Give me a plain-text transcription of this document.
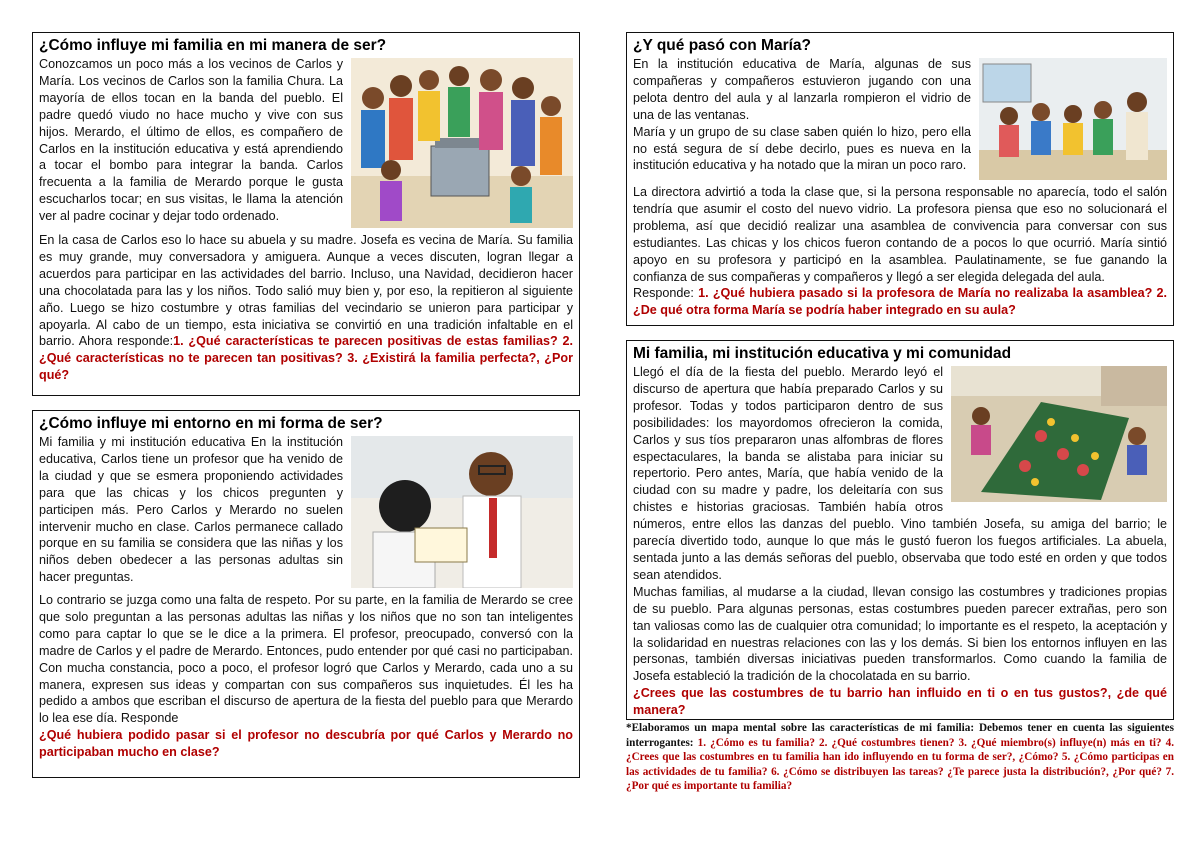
¿Cómo influye mi familia en mi manera de ser?

Conozcamos un poco más a los vecinos de Carlos y María. Los vecinos de Carlos son la familia Chura. La mayoría de ellos tocan en la banda del pueblo. El padre quedó viudo no hace mucho y vive con sus hijos. Merardo, el último de ellos, es compañero de Carlos en la institución educativa y está aprendiendo a tocar el bombo para integrar la banda. Carlos frecuenta a la familia de Merardo porque le gusta escucharlos tocar; en sus visitas, le llama la atención ver al padre cocinar y dejar todo ordenado.

En la casa de Carlos eso lo hace su abuela y su madre. Josefa es vecina de María. Su familia es muy grande, muy conversadora y amiguera. Aunque a veces discuten, logran llegar a acuerdos para participar en las actividades del barrio. Incluso, una Navidad, decidieron hacer una chocolatada para las y los niños. Todo salió muy bien y, por eso, la repitieron al siguiente año. Luego se hizo costumbre y otras familias del vecindario se unieron para participar y apoyarla. Al cabo de un tiempo, esta iniciativa se convirtió en una tradición infaltable en el barrio. Ahora responde:1. ¿Qué características te parecen positivas de estas familias? 2. ¿Qué características no te parecen tan positivas? 3. ¿Existirá la familia perfecta?, ¿Por qué?

¿Cómo influye mi entorno en mi forma de ser?

Mi familia y mi institución educativa En la institución educativa, Carlos tiene un profesor que ha venido de la ciudad y que se esmera proponiendo actividades para que las chicas y los chicos pregunten y participen más. Pero Carlos y Merardo no suelen intervenir mucho en clase. Carlos permanece callado porque en su familia se considera que las niñas y los niños deben obedecer a las personas adultas sin hacer preguntas.

Lo contrario se juzga como una falta de respeto. Por su parte, en la familia de Merardo se cree que solo preguntan a las personas adultas las niñas y los niños que no son tan inteligentes como para captar lo que se le dice a la primera. El profesor, preocupado, conversó con la madre de Carlos y el padre de Merardo. Entonces, pudo entender por qué casi no participaban. Con mucha constancia, poco a poco, el profesor logró que Carlos y Merardo, cada uno a su manera, expresen sus ideas y compartan con sus compañeros sus inquietudes. Él les ha pedido a ambos que escriban el discurso de apertura de la fiesta del pueblo para que Merardo lo lea ese día. Responde

¿Qué hubiera podido pasar si el profesor no descubría por qué Carlos y Merardo no participaban mucho en clase?

¿Y qué pasó con María?

En la institución educativa de María, algunas de sus compañeras y compañeros estuvieron jugando con una pelota dentro del aula y al lanzarla rompieron el vidrio de una de las ventanas.

María y un grupo de su clase saben quién lo hizo, pero ella no está segura de sí debe decirlo, pues es nueva en la institución educativa y ha notado que la miran un poco raro.

La directora advirtió a toda la clase que, si la persona responsable no aparecía, todo el salón tendría que asumir el costo del nuevo vidrio. La profesora piensa que eso no solucionará el problema, así que decidió realizar una asamblea de convivencia para conversar con sus estudiantes. Las chicas y los chicos fueron contando de a pocos lo que ocurrió. María sintió apoyo en su profesora y participó en la asamblea. Paulatinamente, se fue ganando la confianza de sus compañeras y compañeros y llegó a ser elegida delegada del aula.

Responde: 1. ¿Qué hubiera pasado si la profesora de María no realizaba la asamblea? 2. ¿De qué otra forma María se podría haber integrado en su aula?

Mi familia, mi institución educativa y mi comunidad

Llegó el día de la fiesta del pueblo. Merardo leyó el discurso de apertura que había preparado Carlos y su profesor. Todas y todos participaron dentro de sus posibilidades: los mayordomos ofrecieron la comida, Carlos y sus tíos prepararon unas alfombras de flores espectaculares, la banda se alistaba para iniciar su repertorio. Pero antes, María, que había venido de la ciudad con su madre y padre, los deleitaría con sus chistes e historias graciosas. También había otros números, entre ellos las danzas del pueblo. Vino también Josefa, su amiga del barrio; le parecía divertido todo, aunque lo que más le gustó fueron los fuegos artificiales. La abuela, sentada junto a las demás señoras del pueblo, observaba que todo esté en orden y que todos sean atendidos.

Muchas familias, al mudarse a la ciudad, llevan consigo las costumbres y tradiciones propias de su pueblo. Para algunas personas, estas costumbres pueden parecer extrañas, pero son tan valiosas como las de cualquier otra comunidad; lo importante es el respeto, la aceptación y la solidaridad en nuestras relaciones con las y los demás. Si bien los entornos influyen en las personas, también diversas iniciativas pueden transformarlos. Como cuando la familia de Josefa estableció la tradición de la chocolatada en su barrio.

¿Crees que las costumbres de tu barrio han influido en ti o en tus gustos?, ¿de qué manera?

*Elaboramos un mapa mental sobre las características de mi familia: Debemos tener en cuenta las siguientes interrogantes: 1. ¿Cómo es tu familia? 2. ¿Qué costumbres tienen? 3. ¿Qué miembro(s) influye(n) más en ti? 4. ¿Crees que las costumbres en tu familia han ido influyendo en tu forma de ser?, ¿Cómo? 5. ¿Cómo participas en las actividades de tu familia? 6. ¿Cómo se distribuyen las tareas? ¿Te parece justa la distribución?, ¿Por qué? 7. ¿Por qué es importante tu familia?
